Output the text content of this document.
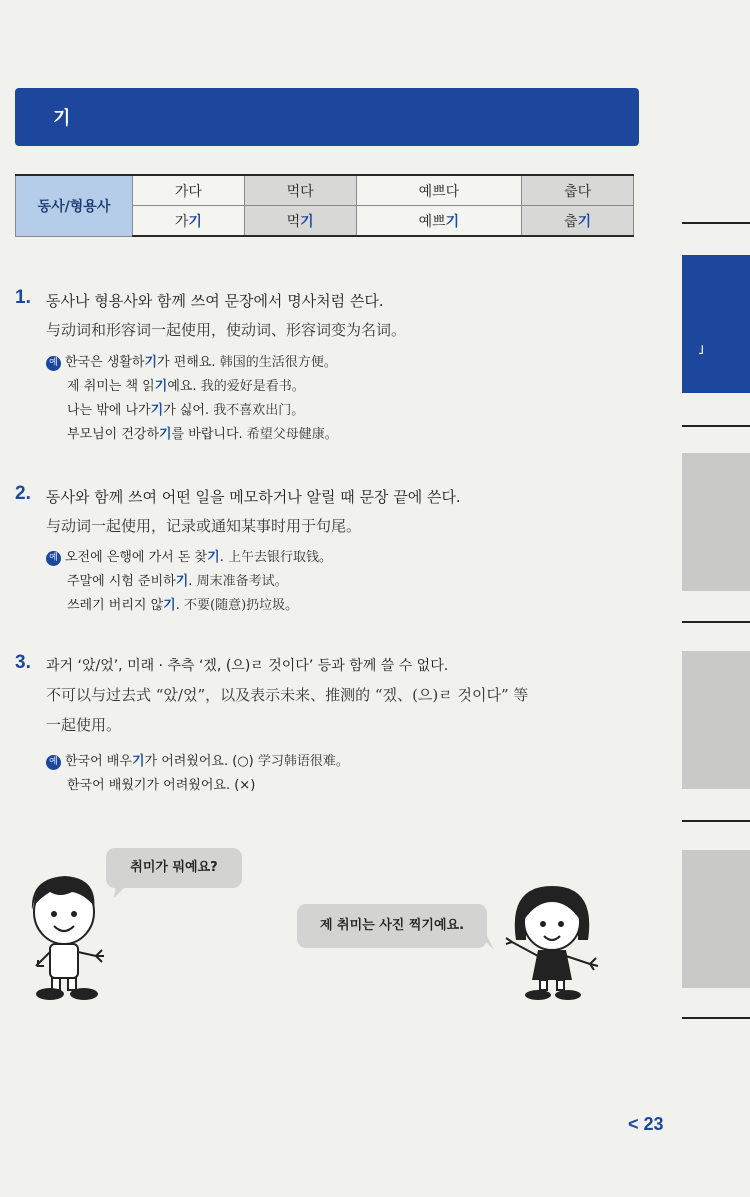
기
동사/형용사	가다	먹다	예쁘다	춥다
	가기	먹기	예쁘기	춥기
1. 동사나 형용사와 함께 쓰여 문장에서 명사처럼 쓴다.
与动词和形容词一起使用，使动词、形容词变为名词。
예 한국은 생활하기가 편해요. 韩国的生活很方便。
제 취미는 책 읽기예요. 我的爱好是看书。
나는 밖에 나가기가 싫어. 我不喜欢出门。
부모님이 건강하기를 바랍니다. 希望父母健康。
2. 동사와 함께 쓰여 어떤 일을 메모하거나 알릴 때 문장 끝에 쓴다.
与动词一起使用，记录或通知某事时用于句尾。
예 오전에 은행에 가서 돈 찾기. 上午去银行取钱。
주말에 시험 준비하기. 周末准备考试。
쓰레기 버리지 않기. 不要(随意)扔垃圾。
3. 과거 ‘았/었’, 미래 · 추측 ‘겠, (으)ㄹ 것이다’ 등과 함께 쓸 수 없다.
不可以与过去式 “았/었”，以及表示未来、推测的 “겠、(으)ㄹ 것이다” 等
一起使用。
예 한국어 배우기가 어려웠어요. (○) 学习韩语很难。
한국어 배웠기가 어려웠어요. (×)
취미가 뭐예요?
제 취미는 사진 찍기예요.
˩
< 23
